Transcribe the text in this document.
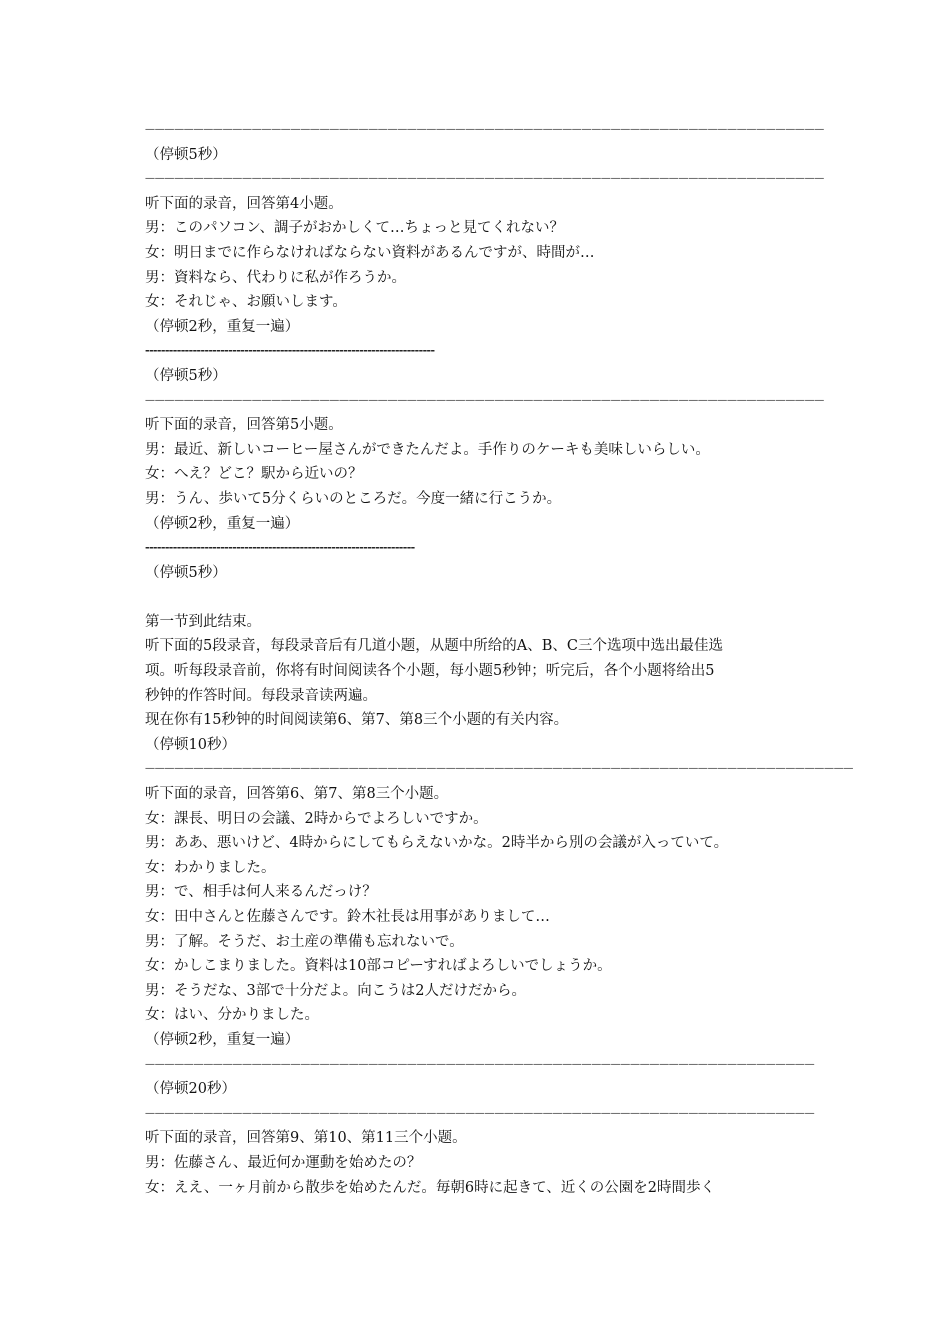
——————————————————————————————————————————————————————————————————————
（停顿5秒）
——————————————————————————————————————————————————————————————————————
听下面的录音，回答第4小题。
男：このパソコン、調子がおかしくて…ちょっと見てくれない？
女：明日までに作らなければならない資料があるんですが、時間が…
男：資料なら、代わりに私が作ろうか。
女：それじゃ、お願いします。
（停顿2秒，重复一遍）
-------------------------------------------------------------------------
（停顿5秒）
——————————————————————————————————————————————————————————————————————
听下面的录音，回答第5小题。
男：最近、新しいコーヒー屋さんができたんだよ。手作りのケーキも美味しいらしい。
女：へえ？どこ？駅から近いの？
男：うん、歩いて5分くらいのところだ。今度一緒に行こうか。
（停顿2秒，重复一遍）
--------------------------------------------------------------------
（停顿5秒）
第一节到此结束。
听下面的5段录音，每段录音后有几道小题，从题中所给的A、B、C三个选项中选出最佳选
项。听每段录音前，你将有时间阅读各个小题，每小题5秒钟；听完后，各个小题将给出5
秒钟的作答时间。每段录音读两遍。
现在你有15秒钟的时间阅读第6、第7、第8三个小题的有关内容。
（停顿10秒）
—————————————————————————————————————————————————————————————————————————
听下面的录音，回答第6、第7、第8三个小题。
女：課長、明日の会議、2時からでよろしいですか。
男：ああ、悪いけど、4時からにしてもらえないかな。2時半から別の会議が入っていて。
女：わかりました。
男：で、相手は何人来るんだっけ？
女：田中さんと佐藤さんです。鈴木社長は用事がありまして…
男：了解。そうだ、お土産の準備も忘れないで。
女：かしこまりました。資料は10部コピーすればよろしいでしょうか。
男：そうだな、3部で十分だよ。向こうは2人だけだから。
女：はい、分かりました。
（停顿2秒，重复一遍）
—————————————————————————————————————————————————————————————————————
（停顿20秒）
—————————————————————————————————————————————————————————————————————
听下面的录音，回答第9、第10、第11三个小题。
男：佐藤さん、最近何か運動を始めたの？
女：ええ、一ヶ月前から散歩を始めたんだ。毎朝6時に起きて、近くの公園を2時間歩く
